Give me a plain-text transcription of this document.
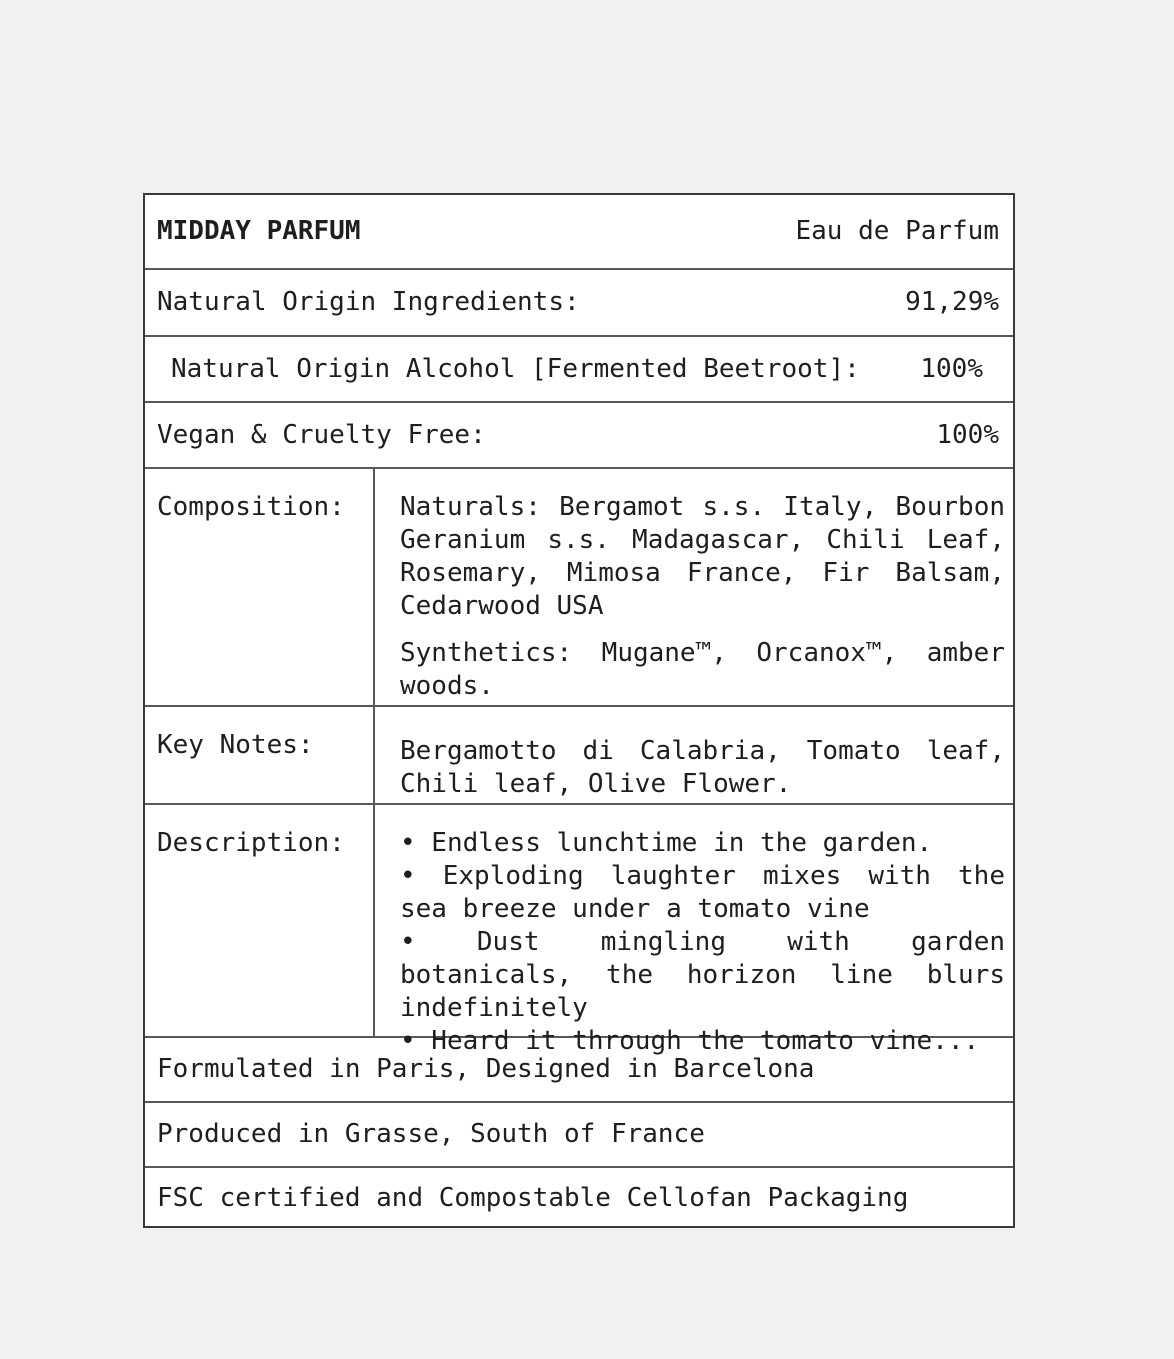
MIDDAY PARFUM	Eau de Parfum
Natural Origin Ingredients:	91,29%
Natural Origin Alcohol [Fermented Beetroot]: 100%
Vegan & Cruelty Free:	100%
Composition:	Naturals: Bergamot s.s. Italy, Bourbon Geranium s.s. Madagascar, Chili Leaf, Rosemary, Mimosa France, Fir Balsam, Cedarwood USA

Synthetics: Mugane™, Orcanox™, amber woods.

Key Notes:	Bergamotto di Calabria, Tomato leaf, Chili leaf, Olive Flower.

Description:	• Endless lunchtime in the garden.
• Exploding laughter mixes with the sea breeze under a tomato vine
• Dust mingling with garden botanicals, the horizon line blurs indefinitely
• Heard it through the tomato vine...
Formulated in Paris, Designed in Barcelona
Produced in Grasse, South of France
FSC certified and Compostable Cellofan Packaging
